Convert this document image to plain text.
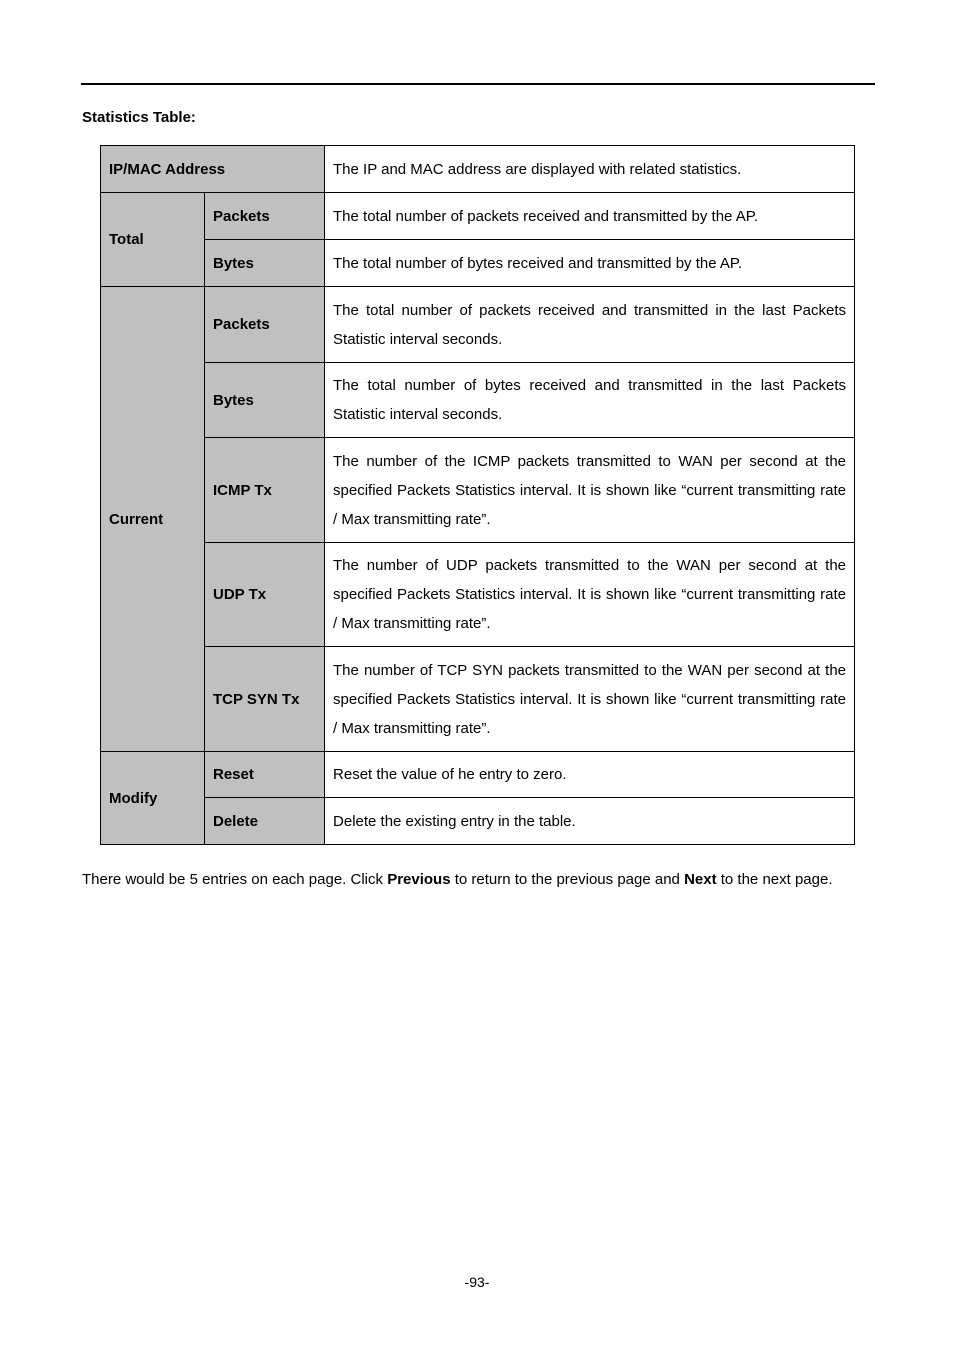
Statistics Table:
IP/MAC Address		The IP and MAC address are displayed with related statistics.
Total	Packets	The total number of packets received and transmitted by the AP.
	Bytes	The total number of bytes received and transmitted by the AP.
Current	Packets	The total number of packets received and transmitted in the last Packets Statistic interval seconds.
	Bytes	The total number of bytes received and transmitted in the last Packets Statistic interval seconds.
	ICMP Tx	The number of the ICMP packets transmitted to WAN per second at the specified Packets Statistics interval. It is shown like “current transmitting rate / Max transmitting rate”.
	UDP Tx	The number of UDP packets transmitted to the WAN per second at the specified Packets Statistics interval. It is shown like “current transmitting rate / Max transmitting rate”.
	TCP SYN Tx	The number of TCP SYN packets transmitted to the WAN per second at the specified Packets Statistics interval. It is shown like “current transmitting rate / Max transmitting rate”.
Modify	Reset	Reset the value of he entry to zero.
	Delete	Delete the existing entry in the table.

There would be 5 entries on each page. Click Previous to return to the previous page and Next to the next page.

-93-
